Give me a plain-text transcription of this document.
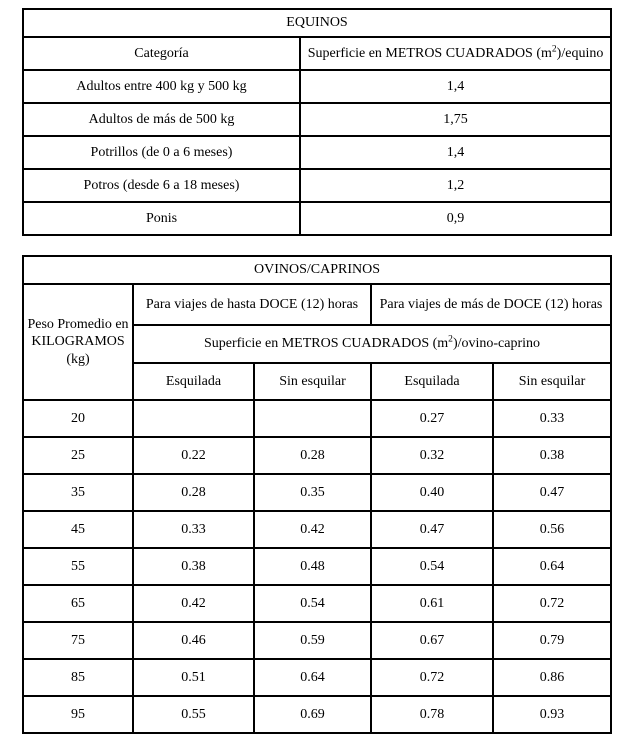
EQUINOS	
Categoría	Superficie en METROS CUADRADOS $(m^2)$/equino
Adultos entre 400 kg y 500 kg	1,4
Adultos de más de 500 kg	1,75
Potrillos (de 0 a 6 meses)	1,4
Potros (desde 6 a 18 meses)	1,2
Ponis	0,9
OVINOS/CAPRINOS				
Peso Promedio en KILOGRAMOS (kg)	Para viajes de hasta DOCE (12) horas		Para viajes de más de DOCE (12) horas	
	Superficie en METROS CUADRADOS $(m^2)/ovino$-caprino			
	Esquilada	Sin esquilar	Esquilada	Sin esquilar
20			0.27	0.33
25	0.22	0.28	0.32	0.38
35	0.28	0.35	0.40	0.47
45	0.33	0.42	0.47	0.56
55	0.38	0.48	0.54	0.64
65	0.42	0.54	0.61	0.72
75	0.46	0.59	0.67	0.79
85	0.51	0.64	0.72	0.86
95	0.55	0.69	0.78	0.93
